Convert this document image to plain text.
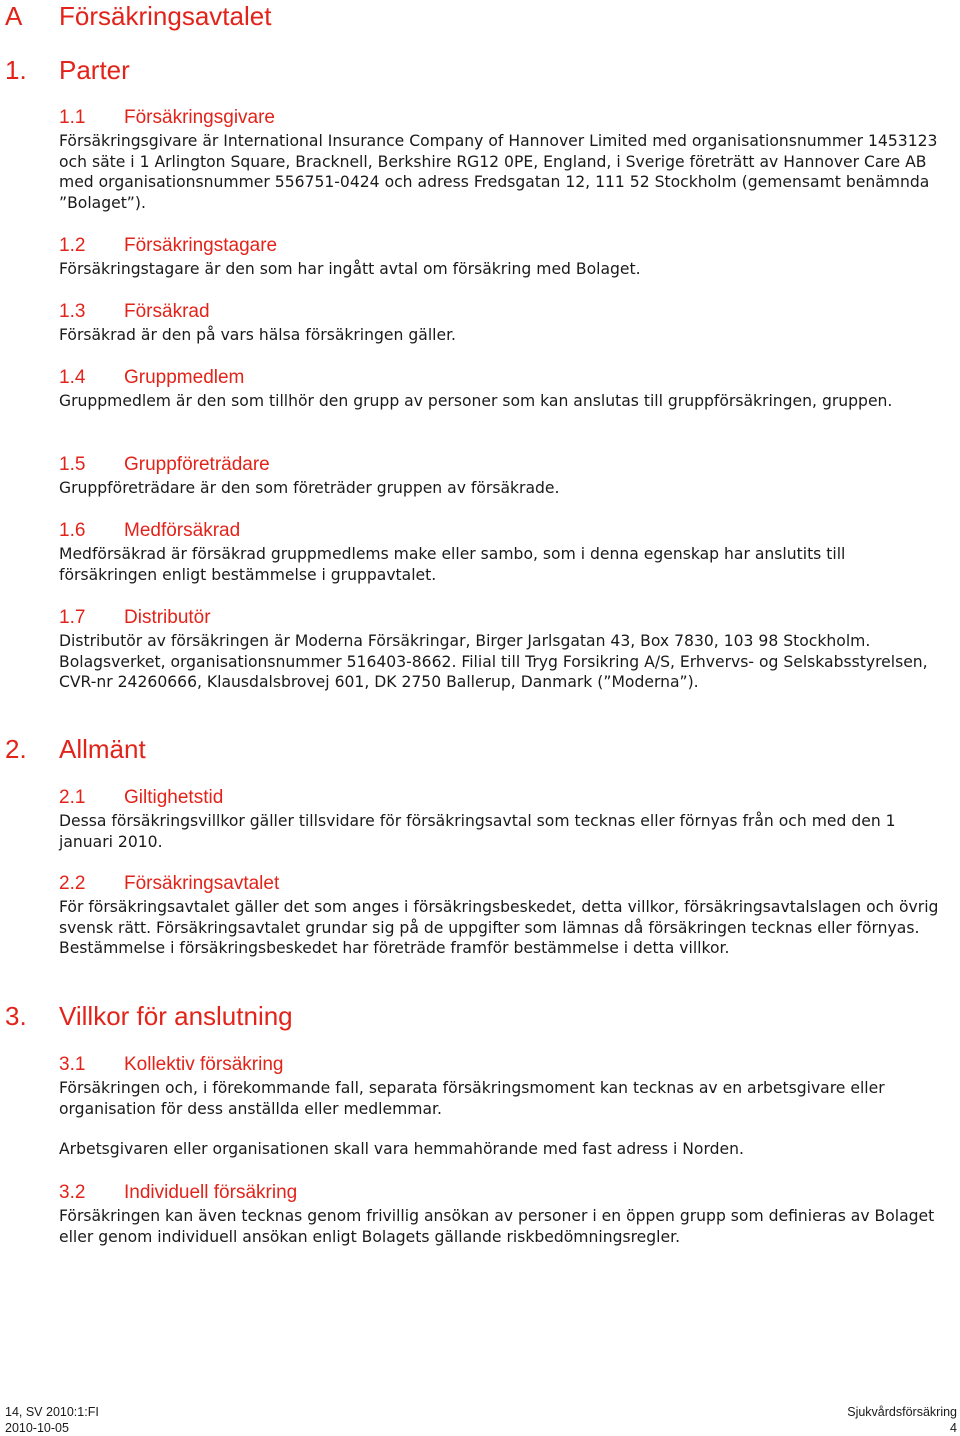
A Försäkringsavtalet
1. Parter
1.1 Försäkringsgivare

Försäkringsgivare är International Insurance Company of Hannover Limited med organisationsnummer 1453123 och säte i 1 Arlington Square, Bracknell, Berkshire RG12 0PE, England, i Sverige företrätt av Hannover Care AB med organisationsnummer 556751-0424 och adress Fredsgatan 12, 111 52 Stockholm (gemensamt benämnda ”Bolaget”).

1.2 Försäkringstagare

Försäkringstagare är den som har ingått avtal om försäkring med Bolaget.

1.3 Försäkrad

Försäkrad är den på vars hälsa försäkringen gäller.

1.4 Gruppmedlem

Gruppmedlem är den som tillhör den grupp av personer som kan anslutas till gruppförsäkringen, gruppen.

1.5 Gruppföreträdare

Gruppföreträdare är den som företräder gruppen av försäkrade.

1.6 Medförsäkrad

Medförsäkrad är försäkrad gruppmedlems make eller sambo, som i denna egenskap har anslutits till försäkringen enligt bestämmelse i gruppavtalet.

1.7 Distributör

Distributör av försäkringen är Moderna Försäkringar, Birger Jarlsgatan 43, Box 7830, 103 98 Stockholm. Bolagsverket, organisationsnummer 516403-8662. Filial till Tryg Forsikring A/S, Erhvervs- og Selskabsstyrelsen, CVR-nr 24260666, Klausdalsbrovej 601, DK 2750 Ballerup, Danmark (”Moderna”).

2. Allmänt
2.1 Giltighetstid

Dessa försäkringsvillkor gäller tillsvidare för försäkringsavtal som tecknas eller förnyas från och med den 1 januari 2010.

2.2 Försäkringsavtalet

För försäkringsavtalet gäller det som anges i försäkringsbeskedet, detta villkor, försäkringsavtalslagen och övrig svensk rätt. Försäkringsavtalet grundar sig på de uppgifter som lämnas då försäkringen tecknas eller förnyas. Bestämmelse i försäkringsbeskedet har företräde framför bestämmelse i detta villkor.

3. Villkor för anslutning
3.1 Kollektiv försäkring

Försäkringen och, i förekommande fall, separata försäkringsmoment kan tecknas av en arbetsgivare eller organisation för dess anställda eller medlemmar.

Arbetsgivaren eller organisationen skall vara hemmahörande med fast adress i Norden.

3.2 Individuell försäkring

Försäkringen kan även tecknas genom frivillig ansökan av personer i en öppen grupp som definieras av Bolaget eller genom individuell ansökan enligt Bolagets gällande riskbedömningsregler.

14, SV 2010:1:FI
2010-10-05
Sjukvårdsförsäkring
4
